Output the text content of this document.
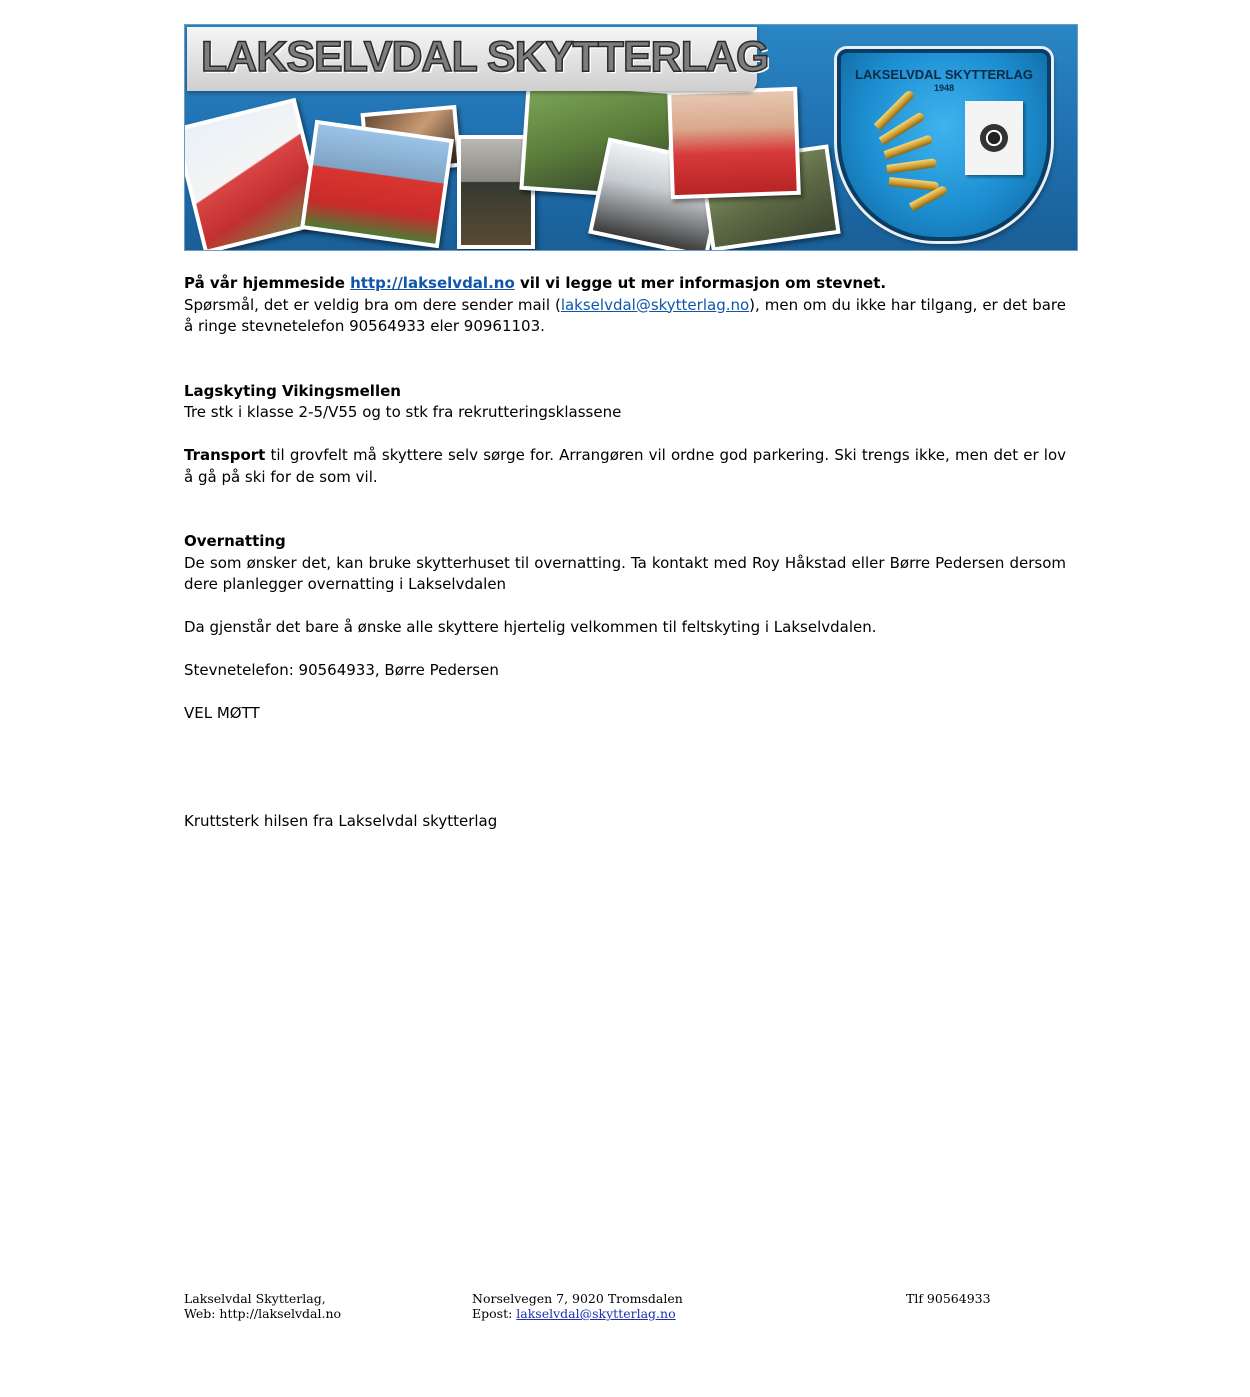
LAKSELVDAL SKYTTERLAG	LAKSELVDAL SKYTTERLAG
1948

På vår hjemmeside http://lakselvdal.no vil vi legge ut mer informasjon om stevnet.

Spørsmål, det er veldig bra om dere sender mail (lakselvdal@skytterlag.no), men om du ikke har tilgang, er det bare å ringe stevnetelefon 90564933 eler 90961103.

Lagskyting Vikingsmellen

Tre stk i klasse 2-5/V55 og to stk fra rekrutteringsklassene

Transport til grovfelt må skyttere selv sørge for. Arrangøren vil ordne god parkering. Ski trengs ikke, men det er lov å gå på ski for de som vil.

Overnatting

De som ønsker det, kan bruke skytterhuset til overnatting. Ta kontakt med Roy Håkstad eller Børre Pedersen dersom dere planlegger overnatting i Lakselvdalen

Da gjenstår det bare å ønske alle skyttere hjertelig velkommen til feltskyting i Lakselvdalen.

Stevnetelefon: 90564933, Børre Pedersen

VEL MØTT

Kruttsterk hilsen fra Lakselvdal skytterlag

Lakselvdal Skytterlag,
Web: http://lakselvdal.no
Norselvegen 7, 9020 Tromsdalen
Epost: lakselvdal@skytterlag.no
Tlf 90564933
